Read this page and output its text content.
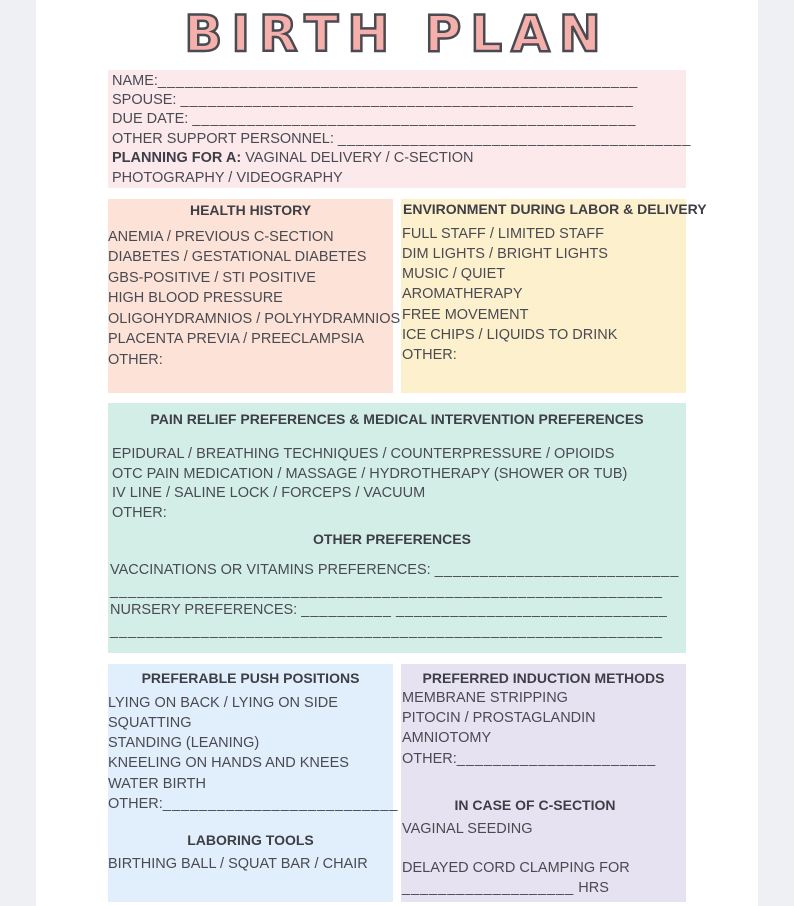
BIRTH PLAN
NAME:_____________________________________________________
SPOUSE: __________________________________________________
DUE DATE: _________________________________________________
OTHER SUPPORT PERSONNEL: _______________________________________
PLANNING FOR A: VAGINAL DELIVERY / C-SECTION
PHOTOGRAPHY / VIDEOGRAPHY
HEALTH HISTORY
ANEMIA / PREVIOUS C-SECTION
DIABETES / GESTATIONAL DIABETES
GBS-POSITIVE / STI POSITIVE
HIGH BLOOD PRESSURE
OLIGOHYDRAMNIOS / POLYHYDRAMNIOS
PLACENTA PREVIA / PREECLAMPSIA
OTHER:
ENVIRONMENT DURING LABOR & DELIVERY
FULL STAFF / LIMITED STAFF
DIM LIGHTS / BRIGHT LIGHTS
MUSIC / QUIET
AROMATHERAPY
FREE MOVEMENT
ICE CHIPS / LIQUIDS TO DRINK
OTHER:
PAIN RELIEF PREFERENCES & MEDICAL INTERVENTION PREFERENCES
EPIDURAL / BREATHING TECHNIQUES / COUNTERPRESSURE / OPIOIDS
OTC PAIN MEDICATION / MASSAGE / HYDROTHERAPY (SHOWER OR TUB)
IV LINE / SALINE LOCK / FORCEPS / VACUUM
OTHER:
OTHER PREFERENCES
VACCINATIONS OR VITAMINS PREFERENCES: ___________________________
_____________________________________________________________
NURSERY PREFERENCES: __________ ______________________________
_____________________________________________________________
PREFERABLE PUSH POSITIONS
LYING ON BACK / LYING ON SIDE
SQUATTING
STANDING (LEANING)
KNEELING ON HANDS AND KNEES
WATER BIRTH
OTHER:__________________________
LABORING TOOLS
BIRTHING BALL / SQUAT BAR / CHAIR
PREFERRED INDUCTION METHODS
MEMBRANE STRIPPING
PITOCIN / PROSTAGLANDIN
AMNIOTOMY
OTHER:______________________
IN CASE OF C-SECTION
VAGINAL SEEDING
DELAYED CORD CLAMPING FOR
___________________ HRS
